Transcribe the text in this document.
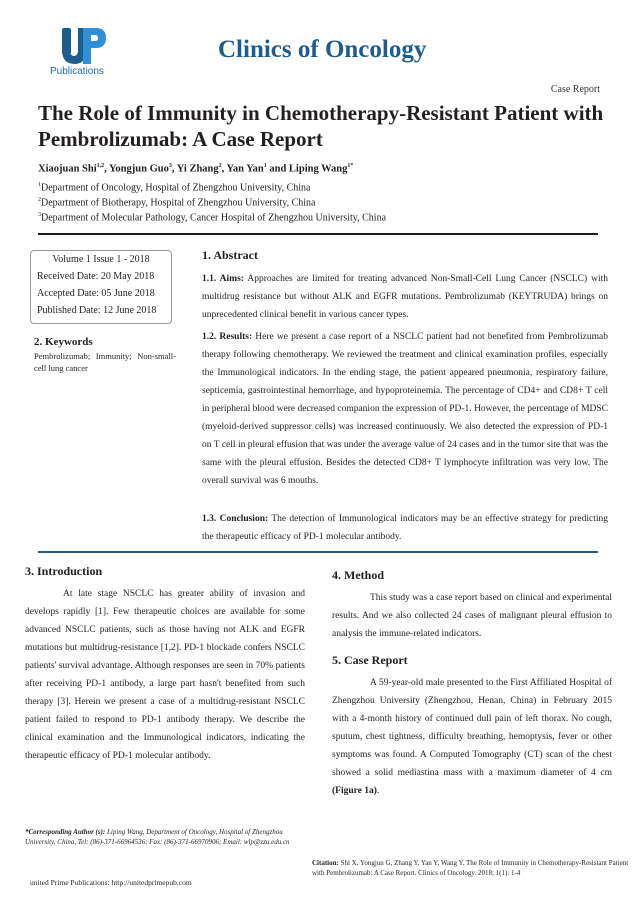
Publications
Clinics of Oncology
Case Report
The Role of Immunity in Chemotherapy-Resistant Patient with Pembrolizumab: A Case Report
Xiaojuan Shi$^{1,2}$, Yongjun Guo$^3$, Yi Zhang$^2$, Yan Yan$^1$ and Liping Wang$^{1*}$
$^1$Department of Oncology, Hospital of Zhengzhou University, China
$^2$Department of Biotherapy, Hospital of Zhengzhou University, China
$^3$Department of Molecular Pathology, Cancer Hospital of Zhengzhou University, China
Volume 1 Issue 1 - 2018
Received Date: 20 May 2018
Accepted Date: 05 June 2018
Published Date: 12 June 2018
2. Keywords
Pembrolizumab; Immunity; Non-small-cell lung cancer
1. Abstract
1.1. Aims: Approaches are limited for treating advanced Non-Small-Cell Lung Cancer (NSCLC) with multidrug resistance but without ALK and EGFR mutations. Pembrolizumab (KEYTRUDA) brings on unprecedented clinical benefit in various cancer types.
1.2. Results: Here we present a case report of a NSCLC patient had not benefited from Pembrolizumab therapy following chemotherapy. We reviewed the treatment and clinical examination profiles, especially the Immunological indicators. In the ending stage, the patient appeared pneumonia, respiratory failure, septicemia, gastrointestinal hemorrhage, and hypoproteinemia. The percentage of CD4+ and CD8+ T cell in peripheral blood were decreased companion the expression of PD-1. However, the percentage of MDSC (myeloid-derived suppressor cells) was increased continuously. We also detected the expression of PD-1 on T cell in pleural effusion that was under the average value of 24 cases and in the tumor site that was the same with the pleural effusion. Besides the detected CD8+ T lymphocyte infiltration was very low. The overall survival was 6 mouths.
1.3. Conclusion: The detection of Immunological indicators may be an effective strategy for predicting the therapeutic efficacy of PD-1 molecular antibody.
3. Introduction

At late stage NSCLC has greater ability of invasion and develops rapidly [1]. Few therapeutic choices are available for some advanced NSCLC patients, such as those having not ALK and EGFR mutations but multidrug-resistance [1,2]. PD-1 blockade confers NSCLC patients' survival advantage. Although responses are seen in 70% patients after receiving PD-1 antibody, a large part hasn't benefited from such therapy [3]. Herein we present a case of a multidrug-resistant NSCLC patient failed to respond to PD-1 antibody therapy. We describe the clinical examination and the Immunological indicators, indicating the therapeutic efficacy of PD-1 molecular antibody.

4. Method

This study was a case report based on clinical and experimental results. And we also collected 24 cases of malignant pleural effusion to analysis the immune-related indicators.

5. Case Report

A 59-year-old male presented to the First Affiliated Hospital of Zhengzhou University (Zhengzhou, Henan, China) in February 2015 with a 4-month history of continued dull pain of left thorax. No cough, sputum, chest tightness, difficulty breathing, hemoptysis, fever or other symptoms was found. A Computed Tomography (CT) scan of the chest showed a solid mediastina mass with a maximum diameter of 4 cm (Figure 1a).

*Corresponding Author (s): Liping Wang, Department of Oncology, Hospital of Zhengzhou University, China, Tel: (86)-371-66964536; Fax: (86)-371-66970906; Email: wlp@zzu.edu.cn
united Prime Publications: http://unitedprimepub.com
Citation: Shi X, Yongjun G, Zhang Y, Yan Y, Wang Y. The Role of Immunity in Chemotherapy-Resistant Patient with Pembrolizumab: A Case Report. Clinics of Oncology. 2018; 1(1): 1-4
